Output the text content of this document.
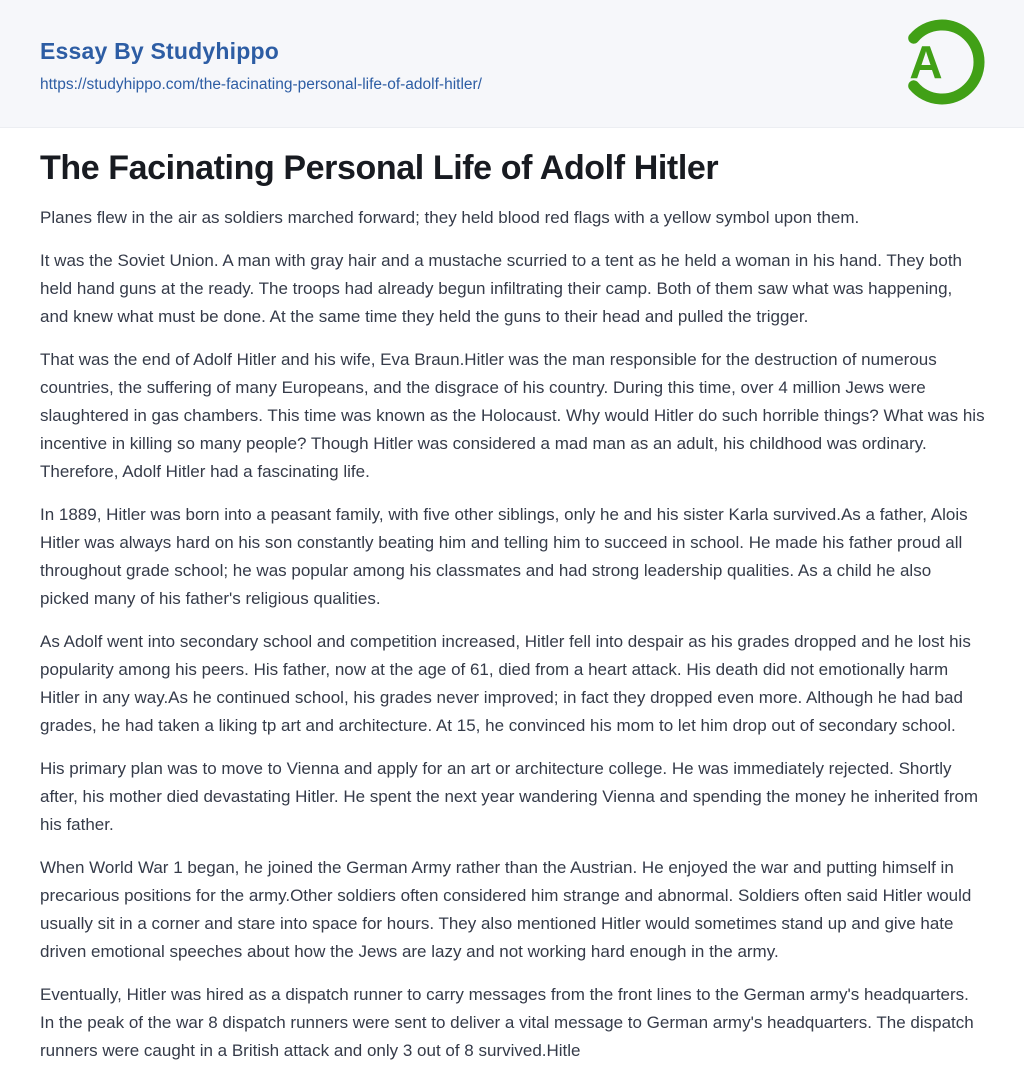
Essay By Studyhippo
https://studyhippo.com/the-facinating-personal-life-of-adolf-hitler/	A
The Facinating Personal Life of Adolf Hitler

Planes flew in the air as soldiers marched forward; they held blood red flags with a yellow symbol upon them.

It was the Soviet Union. A man with gray hair and a mustache scurried to a tent as he held a woman in his hand. They both held hand guns at the ready. The troops had already begun infiltrating their camp. Both of them saw what was happening, and knew what must be done. At the same time they held the guns to their head and pulled the trigger.

That was the end of Adolf Hitler and his wife, Eva Braun.Hitler was the man responsible for the destruction of numerous countries, the suffering of many Europeans, and the disgrace of his country. During this time, over 4 million Jews were slaughtered in gas chambers. This time was known as the Holocaust. Why would Hitler do such horrible things? What was his incentive in killing so many people? Though Hitler was considered a mad man as an adult, his childhood was ordinary. Therefore, Adolf Hitler had a fascinating life.

In 1889, Hitler was born into a peasant family, with five other siblings, only he and his sister Karla survived.As a father, Alois Hitler was always hard on his son constantly beating him and telling him to succeed in school. He made his father proud all throughout grade school; he was popular among his classmates and had strong leadership qualities. As a child he also picked many of his father's religious qualities.

As Adolf went into secondary school and competition increased, Hitler fell into despair as his grades dropped and he lost his popularity among his peers. His father, now at the age of 61, died from a heart attack. His death did not emotionally harm Hitler in any way.As he continued school, his grades never improved; in fact they dropped even more. Although he had bad grades, he had taken a liking tp art and architecture. At 15, he convinced his mom to let him drop out of secondary school.

His primary plan was to move to Vienna and apply for an art or architecture college. He was immediately rejected. Shortly after, his mother died devastating Hitler. He spent the next year wandering Vienna and spending the money he inherited from his father.

When World War 1 began, he joined the German Army rather than the Austrian. He enjoyed the war and putting himself in precarious positions for the army.Other soldiers often considered him strange and abnormal. Soldiers often said Hitler would usually sit in a corner and stare into space for hours. They also mentioned Hitler would sometimes stand up and give hate driven emotional speeches about how the Jews are lazy and not working hard enough in the army.

Eventually, Hitler was hired as a dispatch runner to carry messages from the front lines to the German army's headquarters. In the peak of the war 8 dispatch runners were sent to deliver a vital message to German army's headquarters. The dispatch runners were caught in a British attack and only 3 out of 8 survived.Hitle
